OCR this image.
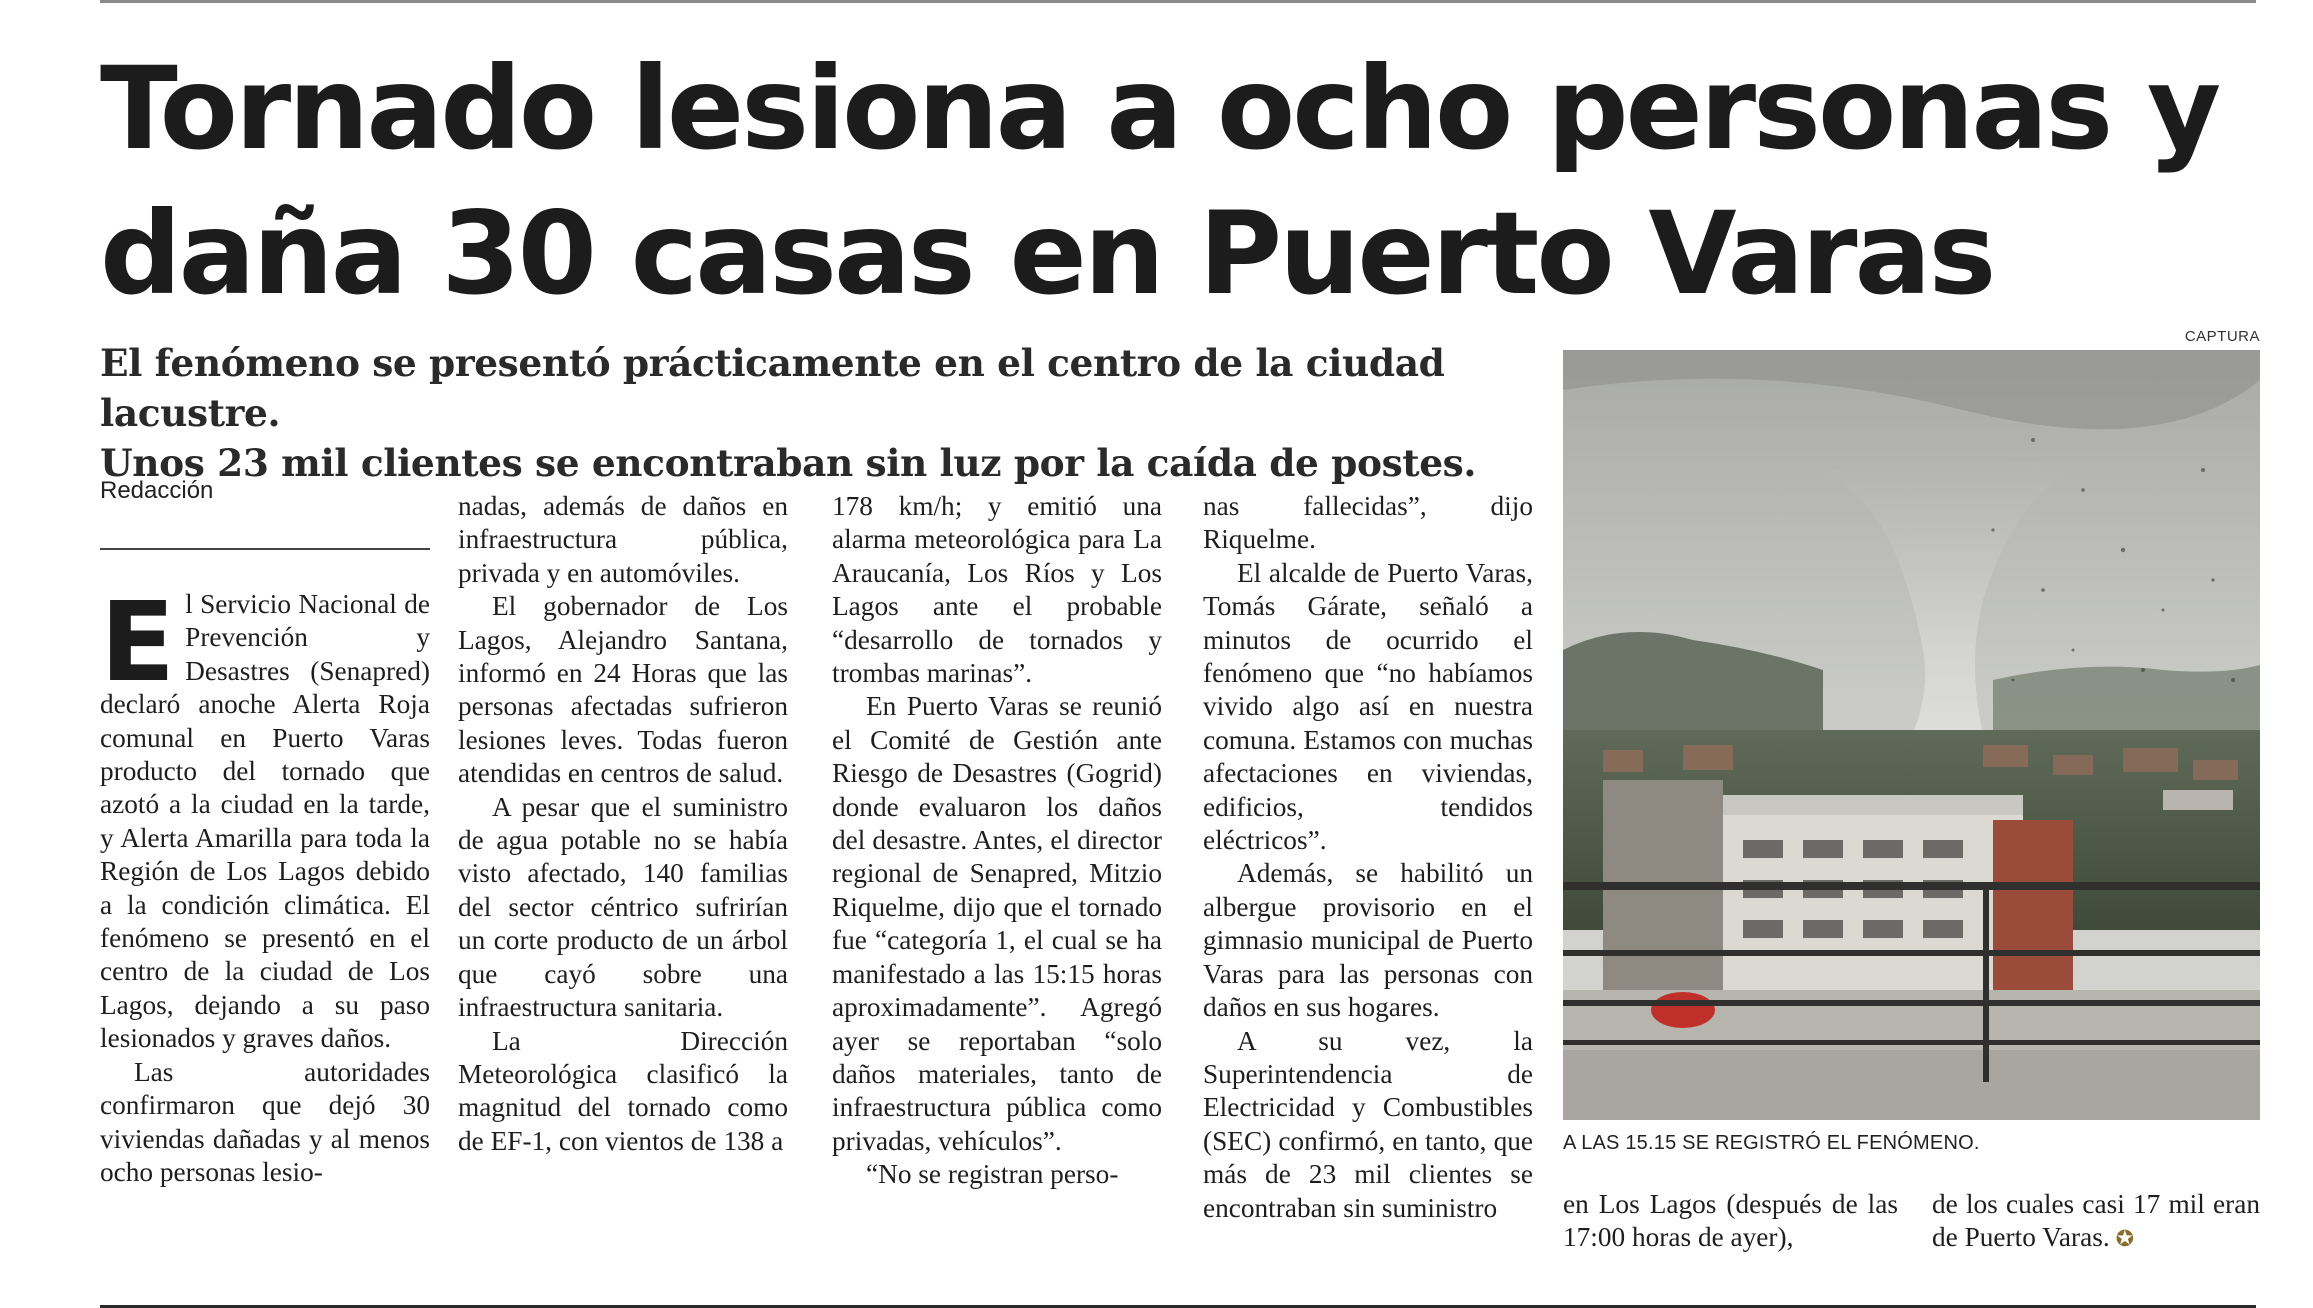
Tornado lesiona a ocho personas y
daña 30 casas en Puerto Varas
El fenómeno se presentó prácticamente en el centro de la ciudad lacustre.
Unos 23 mil clientes se encontraban sin luz por la caída de postes.
Redacción

El Servicio Nacional de Prevención y Desastres (Senapred) declaró anoche Alerta Roja comunal en Puerto Varas producto del tornado que azotó a la ciudad en la tarde, y Alerta Amarilla para toda la Región de Los Lagos debido a la condición climática. El fenómeno se presentó en el centro de la ciudad de Los Lagos, dejando a su paso lesionados y graves daños.

Las autoridades confirmaron que dejó 30 viviendas dañadas y al menos ocho personas lesio-

nadas, además de daños en infraestructura pública, privada y en automóviles.

El gobernador de Los Lagos, Alejandro Santana, informó en 24 Horas que las personas afectadas sufrieron lesiones leves. Todas fueron atendidas en centros de salud.

A pesar que el suministro de agua potable no se había visto afectado, 140 familias del sector céntrico sufrirían un corte producto de un árbol que cayó sobre una infraestructura sanitaria.

La Dirección Meteorológica clasificó la magnitud del tornado como de EF-1, con vientos de 138 a

178 km/h; y emitió una alarma meteorológica para La Araucanía, Los Ríos y Los Lagos ante el probable “desarrollo de tornados y trombas marinas”.

En Puerto Varas se reunió el Comité de Gestión ante Riesgo de Desastres (Gogrid) donde evaluaron los daños del desastre. Antes, el director regional de Senapred, Mitzio Riquelme, dijo que el tornado fue “categoría 1, el cual se ha manifestado a las 15:15 horas aproximadamente”. Agregó ayer se reportaban “solo daños materiales, tanto de infraestructura pública como privadas, vehículos”.

“No se registran perso-

nas fallecidas”, dijo Riquelme.

El alcalde de Puerto Varas, Tomás Gárate, señaló a minutos de ocurrido el fenómeno que “no habíamos vivido algo así en nuestra comuna. Estamos con muchas afectaciones en viviendas, edificios, tendidos eléctricos”.

Además, se habilitó un albergue provisorio en el gimnasio municipal de Puerto Varas para las personas con daños en sus hogares.

A su vez, la Superintendencia de Electricidad y Combustibles (SEC) confirmó, en tanto, que más de 23 mil clientes se encontraban sin suministro

CAPTURA
A LAS 15.15 SE REGISTRÓ EL FENÓMENO.

en Los Lagos (después de las 17:00 horas de ayer),

de los cuales casi 17 mil eran de Puerto Varas. ✪
